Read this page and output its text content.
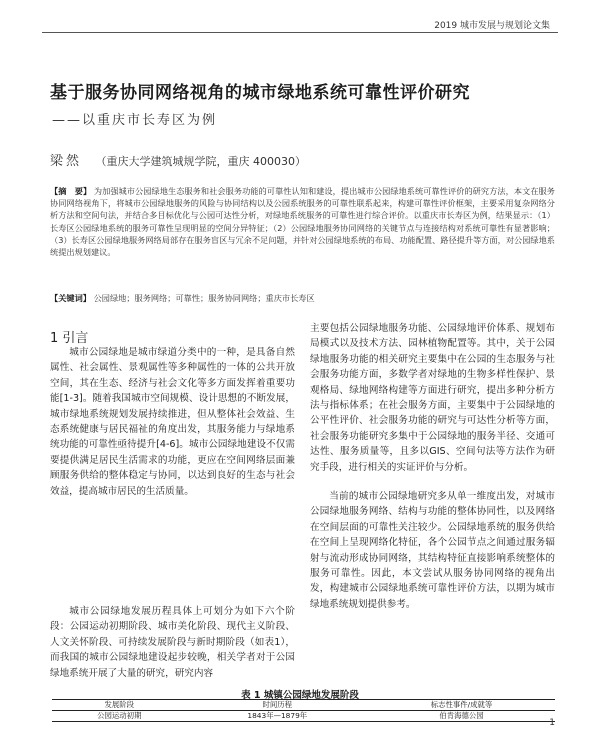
2019 城市发展与规划论文集
基于服务协同网络视角的城市绿地系统可靠性评价研究
——以重庆市长寿区为例
梁然 （重庆大学建筑城规学院，重庆 400030）

【摘　要】 为加强城市公园绿地生态服务和社会服务功能的可靠性认知和建设，提出城市公园绿地系统可靠性评价的研究方法，本文在服务协同网络视角下，将城市公园绿地服务的风险与协同结构以及公园系统服务的可靠性联系起来，构建可靠性评价框架，主要采用复杂网络分析方法和空间句法，并结合多目标优化与公园可达性分析，对绿地系统服务的可靠性进行综合评价。以重庆市长寿区为例，结果显示：（1）长寿区公园绿地系统的服务可靠性呈现明显的空间分异特征；（2）公园绿地服务协同网络的关键节点与连接结构对系统可靠性有显著影响；（3）长寿区公园绿地服务网络局部存在服务盲区与冗余不足问题，并针对公园绿地系统的布局、功能配置、路径提升等方面，对公园绿地系统提出规划建议。

【关键词】 公园绿地；服务网络；可靠性；服务协同网络；重庆市长寿区

1 引言

城市公园绿地是城市绿道分类中的一种，是具备自然属性、社会属性、景观属性等多种属性的一体的公共开放空间，其在生态、经济与社会文化等多方面发挥着重要功能[1-3]。随着我国城市空间规模、设计思想的不断发展，城市绿地系统规划发展持续推进，但从整体社会效益、生态系统健康与居民福祉的角度出发，其服务能力与绿地系统功能的可靠性亟待提升[4-6]。城市公园绿地建设不仅需要提供满足居民生活需求的功能，更应在空间网络层面兼顾服务供给的整体稳定与协同，以达到良好的生态与社会效益，提高城市居民的生活质量。

城市公园绿地发展历程具体上可划分为如下六个阶段：公园运动初期阶段、城市美化阶段、现代主义阶段、人文关怀阶段、可持续发展阶段与新时期阶段（如表1），而我国的城市公园绿地建设起步较晚，相关学者对于公园绿地系统开展了大量的研究，研究内容

主要包括公园绿地服务功能、公园绿地评价体系、规划布局模式以及技术方法、园林植物配置等。其中，关于公园绿地服务功能的相关研究主要集中在公园的生态服务与社会服务功能方面，多数学者对绿地的生物多样性保护、景观格局、绿地网络构建等方面进行研究，提出多种分析方法与指标体系；在社会服务方面，主要集中于公园绿地的公平性评价、社会服务功能的研究与可达性分析等方面，社会服务功能研究多集中于公园绿地的服务半径、交通可达性、服务质量等，且多以GIS、空间句法等方法作为研究手段，进行相关的实证评价与分析。

当前的城市公园绿地研究多从单一维度出发，对城市公园绿地服务网络、结构与功能的整体协同性，以及网络在空间层面的可靠性关注较少。公园绿地系统的服务供给在空间上呈现网络化特征，各个公园节点之间通过服务辐射与流动形成协同网络，其结构特征直接影响系统整体的服务可靠性。因此，本文尝试从服务协同网络的视角出发，构建城市公园绿地系统可靠性评价方法，以期为城市绿地系统规划提供参考。

表 1 城镇公园绿地发展阶段
发展阶段	时间历程	标志性事件/成就等
公园运动初期	1843年—1879年	伯肯海德公园
1
